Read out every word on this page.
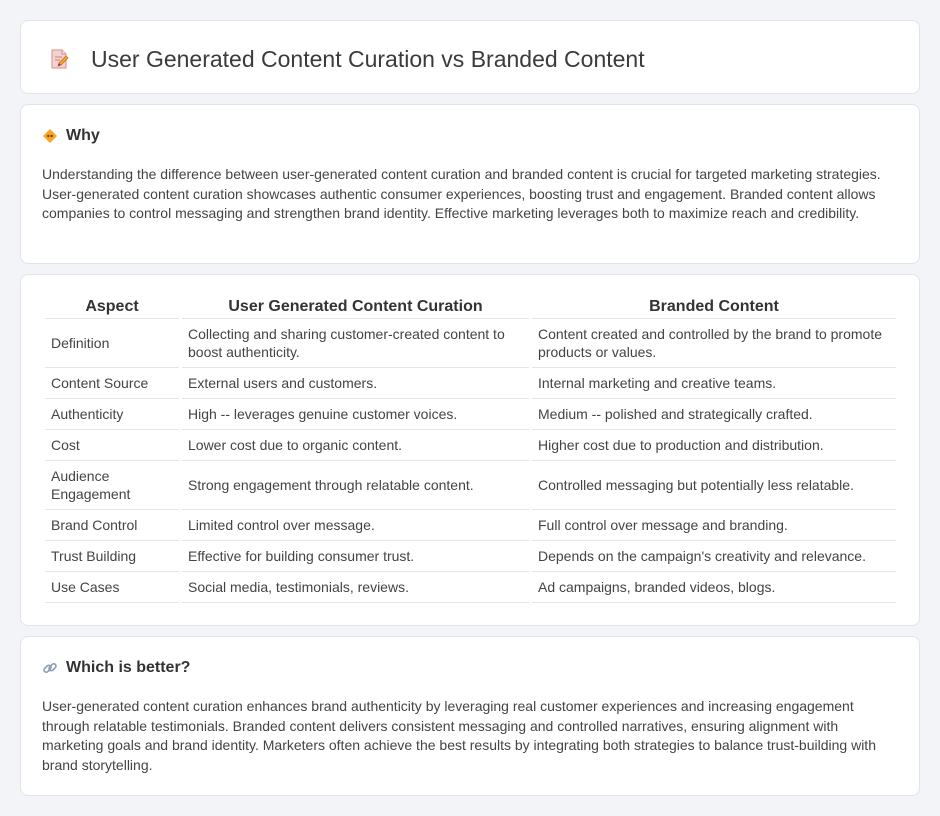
User Generated Content Curation vs Branded Content
Why

Understanding the difference between user-generated content curation and branded content is crucial for targeted marketing strategies. User-generated content curation showcases authentic consumer experiences, boosting trust and engagement. Branded content allows companies to control messaging and strengthen brand identity. Effective marketing leverages both to maximize reach and credibility.

Aspect	User Generated Content Curation	Branded Content
Definition	Collecting and sharing customer-created content to boost authenticity.	Content created and controlled by the brand to promote products or values.
Content Source	External users and customers.	Internal marketing and creative teams.
Authenticity	High -- leverages genuine customer voices.	Medium -- polished and strategically crafted.
Cost	Lower cost due to organic content.	Higher cost due to production and distribution.
Audience Engagement	Strong engagement through relatable content.	Controlled messaging but potentially less relatable.
Brand Control	Limited control over message.	Full control over message and branding.
Trust Building	Effective for building consumer trust.	Depends on the campaign's creativity and relevance.
Use Cases	Social media, testimonials, reviews.	Ad campaigns, branded videos, blogs.
Which is better?

User-generated content curation enhances brand authenticity by leveraging real customer experiences and increasing engagement through relatable testimonials. Branded content delivers consistent messaging and controlled narratives, ensuring alignment with marketing goals and brand identity. Marketers often achieve the best results by integrating both strategies to balance trust-building with brand storytelling.
